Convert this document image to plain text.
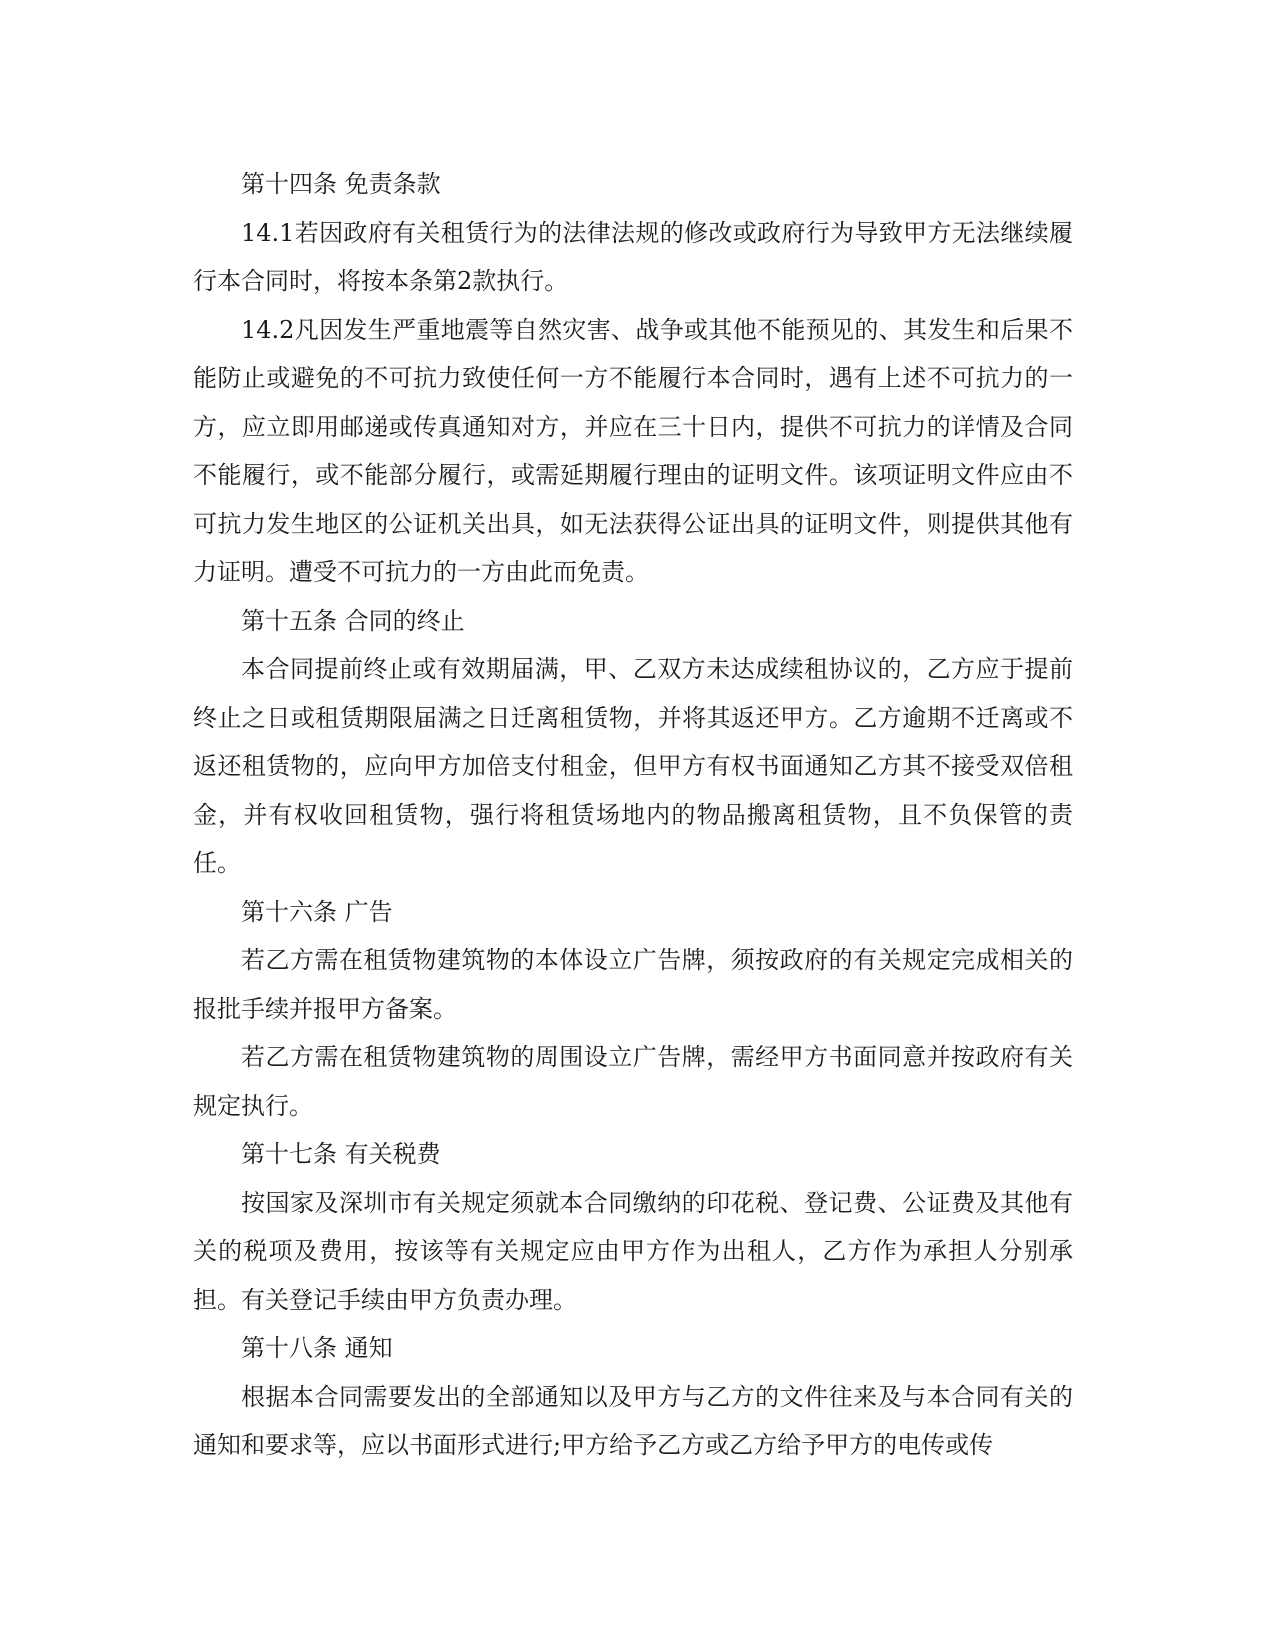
第十四条 免责条款

14.1若因政府有关租赁行为的法律法规的修改或政府行为导致甲方无法继续履行本合同时，将按本条第2款执行。

14.2凡因发生严重地震等自然灾害、战争或其他不能预见的、其发生和后果不能防止或避免的不可抗力致使任何一方不能履行本合同时，遇有上述不可抗力的一方，应立即用邮递或传真通知对方，并应在三十日内，提供不可抗力的详情及合同不能履行，或不能部分履行，或需延期履行理由的证明文件。该项证明文件应由不可抗力发生地区的公证机关出具，如无法获得公证出具的证明文件，则提供其他有力证明。遭受不可抗力的一方由此而免责。

第十五条 合同的终止

本合同提前终止或有效期届满，甲、乙双方未达成续租协议的，乙方应于提前终止之日或租赁期限届满之日迁离租赁物，并将其返还甲方。乙方逾期不迁离或不返还租赁物的，应向甲方加倍支付租金，但甲方有权书面通知乙方其不接受双倍租金，并有权收回租赁物，强行将租赁场地内的物品搬离租赁物，且不负保管的责任。

第十六条 广告

若乙方需在租赁物建筑物的本体设立广告牌，须按政府的有关规定完成相关的报批手续并报甲方备案。

若乙方需在租赁物建筑物的周围设立广告牌，需经甲方书面同意并按政府有关规定执行。

第十七条 有关税费

按国家及深圳市有关规定须就本合同缴纳的印花税、登记费、公证费及其他有关的税项及费用，按该等有关规定应由甲方作为出租人，乙方作为承担人分别承担。有关登记手续由甲方负责办理。

第十八条 通知

根据本合同需要发出的全部通知以及甲方与乙方的文件往来及与本合同有关的通知和要求等，应以书面形式进行;甲方给予乙方或乙方给予甲方的电传或传
